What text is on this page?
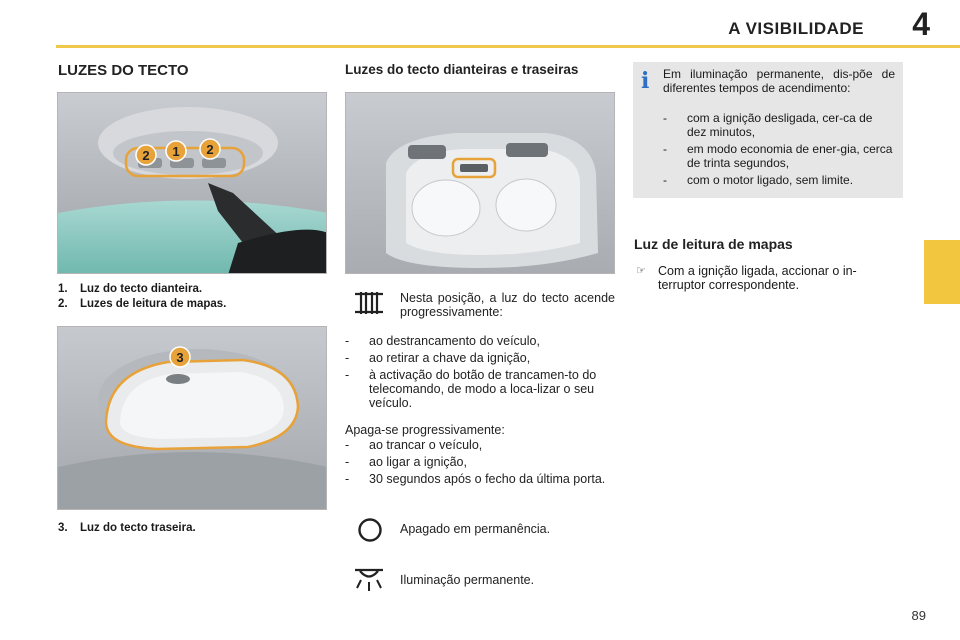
A VISIBILIDADE 4
LUZES DO TECTO
2 1 2
1. Luz do tecto dianteira.
2. Luzes de leitura de mapas.
3
3. Luz do tecto traseira.
Luzes do tecto dianteiras e traseiras
Nesta posição, a luz do tecto acende progressivamente:
- ao destrancamento do veículo,
- ao retirar a chave da ignição,
- à activação do botão de trancamen-to do telecomando, de modo a loca-lizar o seu veículo.
Apaga-se progressivamente:
- ao trancar o veículo,
- ao ligar a ignição,
- 30 segundos após o fecho da última porta.
Apagado em permanência.
Iluminação permanente.
i	Em iluminação permanente, dis-põe de diferentes tempos de acendimento:
- com a ignição desligada, cer-ca de dez minutos,
- em modo economia de ener-gia, cerca de trinta segundos,
- com o motor ligado, sem limite.
Luz de leitura de mapas
☞ Com a ignição ligada, accionar o in-terruptor correspondente.
89
